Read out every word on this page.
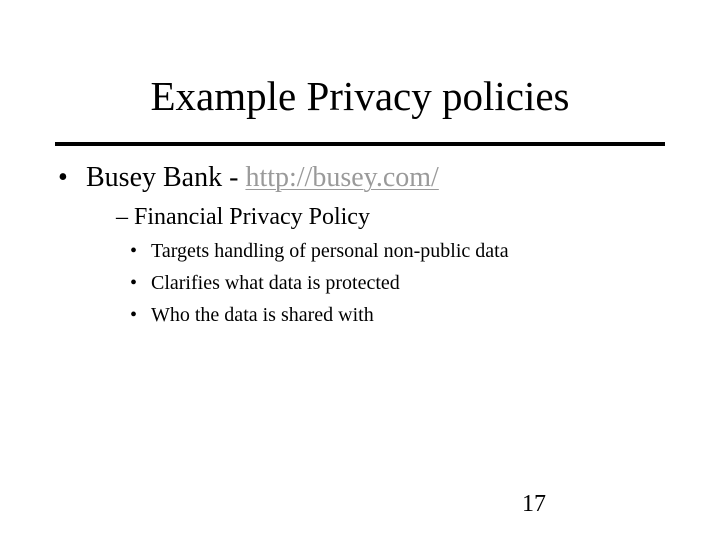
Example Privacy policies
• Busey Bank - http://busey.com/
– Financial Privacy Policy
• Targets handling of personal non-public data
• Clarifies what data is protected
• Who the data is shared with
17
